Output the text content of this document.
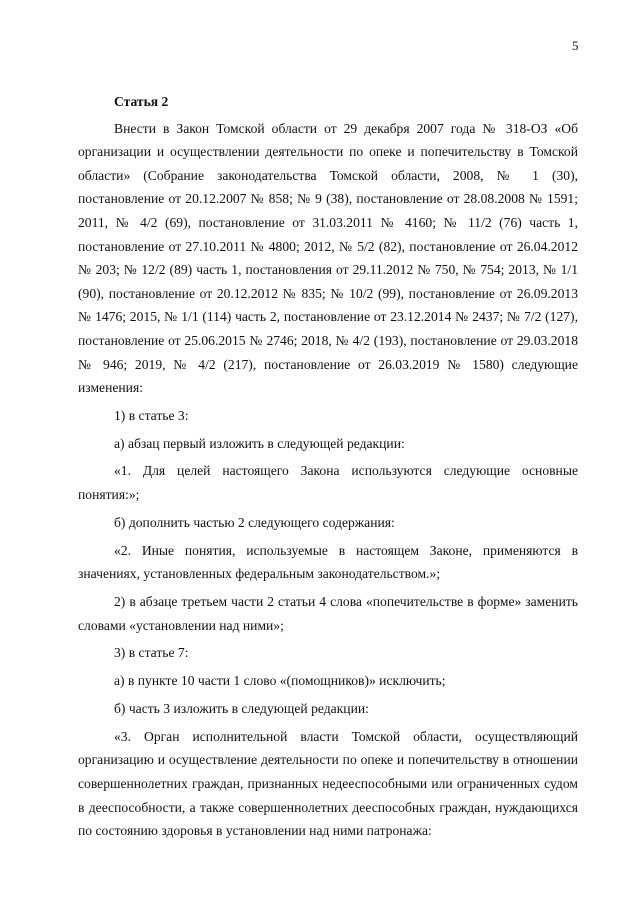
5
Статья 2
Внести в Закон Томской области от 29 декабря 2007 года № 318-ОЗ «Об организации и осуществлении деятельности по опеке и попечительству в Томской области» (Собрание законодательства Томской области, 2008, № 1 (30), постановление от 20.12.2007 № 858; № 9 (38), постановление от 28.08.2008 № 1591; 2011, № 4/2 (69), постановление от 31.03.2011 № 4160; № 11/2 (76) часть 1, постановление от 27.10.2011 № 4800; 2012, № 5/2 (82), постановление от 26.04.2012 № 203; № 12/2 (89) часть 1, постановления от 29.11.2012 № 750, № 754; 2013, № 1/1 (90), постановление от 20.12.2012 № 835; № 10/2 (99), постановление от 26.09.2013 № 1476; 2015, № 1/1 (114) часть 2, постановление от 23.12.2014 № 2437; № 7/2 (127), постановление от 25.06.2015 № 2746; 2018, № 4/2 (193), постановление от 29.03.2018 № 946; 2019, № 4/2 (217), постановление от 26.03.2019 № 1580) следующие изменения:
1) в статье 3:
а) абзац первый изложить в следующей редакции:
«1. Для целей настоящего Закона используются следующие основные понятия:»;
б) дополнить частью 2 следующего содержания:
«2. Иные понятия, используемые в настоящем Законе, применяются в значениях, установленных федеральным законодательством.»;
2) в абзаце третьем части 2 статьи 4 слова «попечительстве в форме» заменить словами «установлении над ними»;
3) в статье 7:
а) в пункте 10 части 1 слово «(помощников)» исключить;
б) часть 3 изложить в следующей редакции:
«3. Орган исполнительной власти Томской области, осуществляющий организацию и осуществление деятельности по опеке и попечительству в отношении совершеннолетних граждан, признанных недееспособными или ограниченных судом в дееспособности, а также совершеннолетних дееспособных граждан, нуждающихся по состоянию здоровья в установлении над ними патронажа:
